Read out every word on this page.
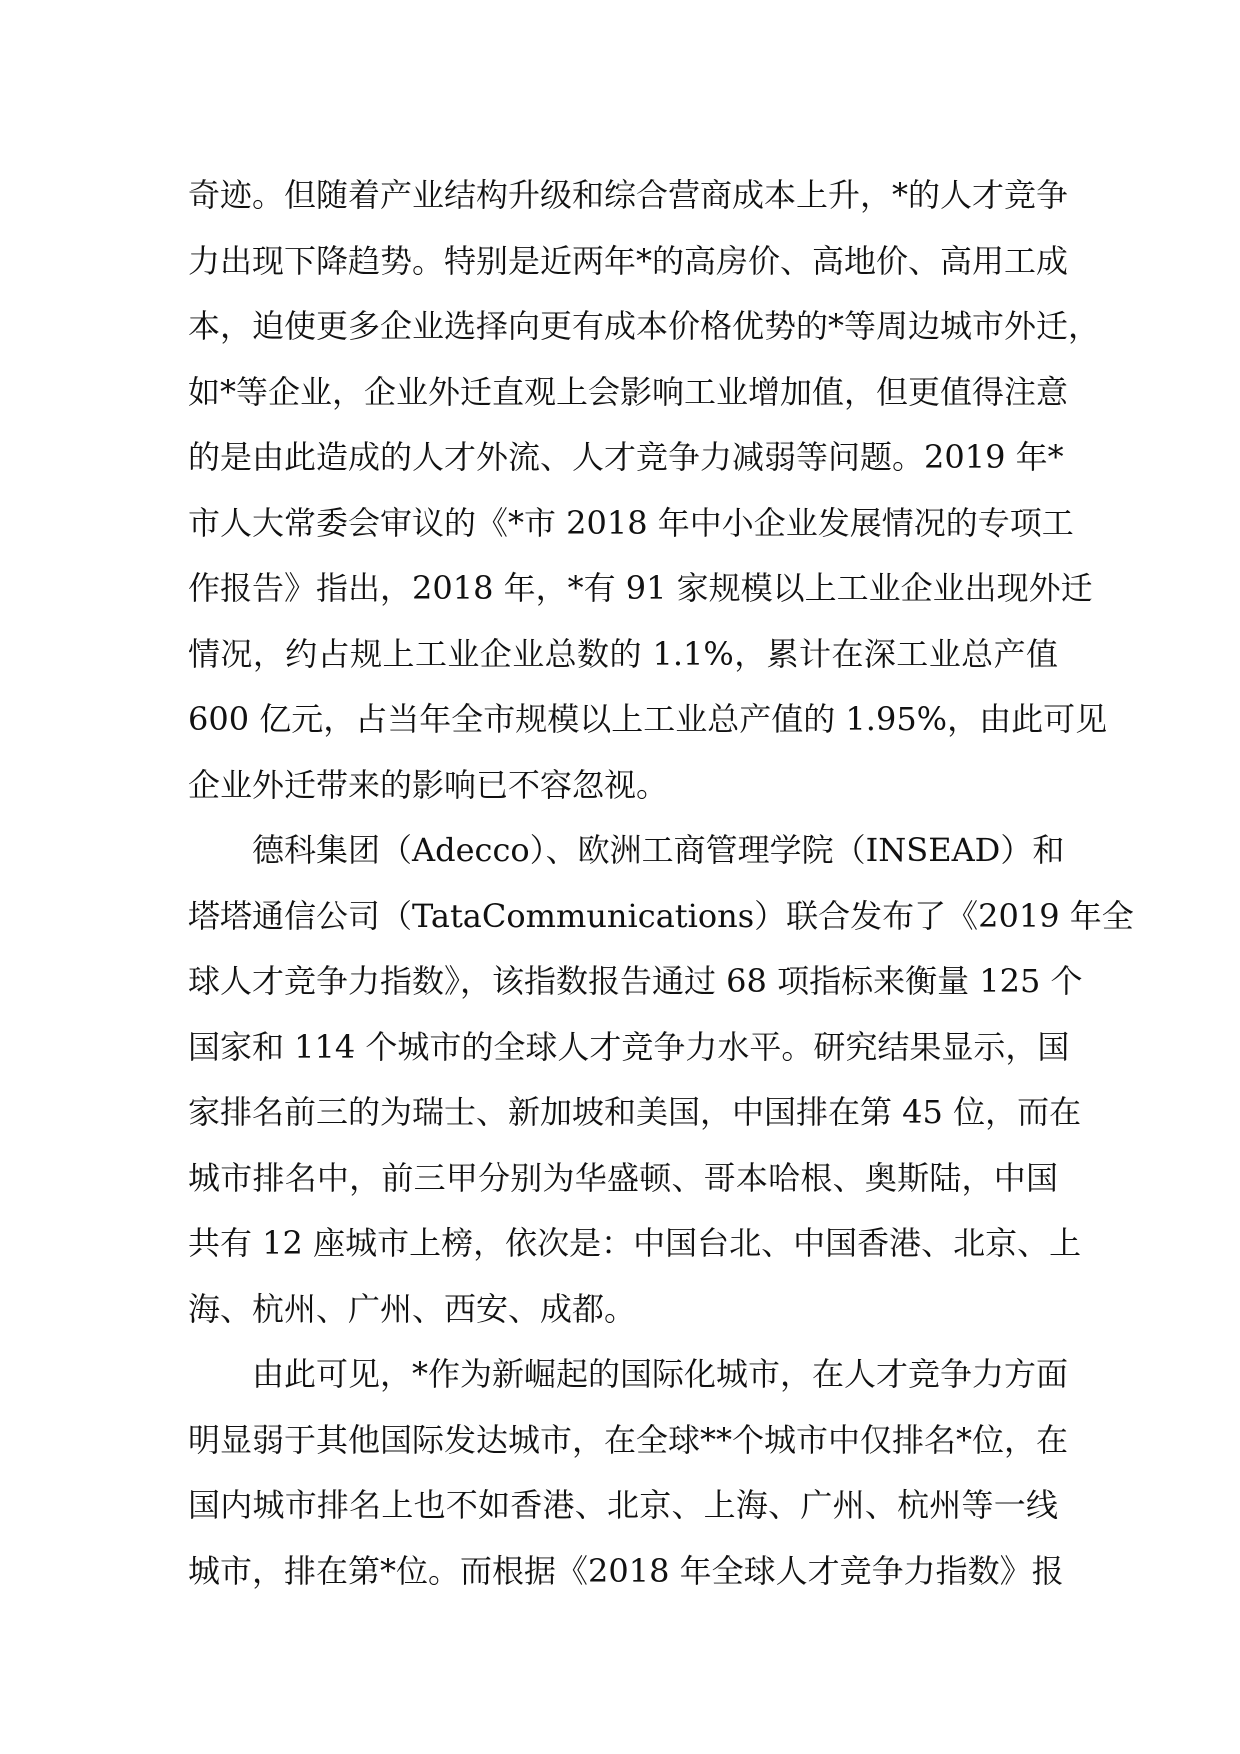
奇迹。但随着产业结构升级和综合营商成本上升，*的人才竞争
力出现下降趋势。特别是近两年*的高房价、高地价、高用工成
本，迫使更多企业选择向更有成本价格优势的*等周边城市外迁，
如*等企业，企业外迁直观上会影响工业增加值，但更值得注意
的是由此造成的人才外流、人才竞争力减弱等问题。2019 年*
市人大常委会审议的《*市 2018 年中小企业发展情况的专项工
作报告》指出，2018 年，*有 91 家规模以上工业企业出现外迁
情况，约占规上工业企业总数的 1.1%，累计在深工业总产值
600 亿元，占当年全市规模以上工业总产值的 1.95%，由此可见
企业外迁带来的影响已不容忽视。
德科集团（Adecco）、欧洲工商管理学院（INSEAD）和
塔塔通信公司（TataCommunications）联合发布了《2019 年全
球人才竞争力指数》，该指数报告通过 68 项指标来衡量 125 个
国家和 114 个城市的全球人才竞争力水平。研究结果显示，国
家排名前三的为瑞士、新加坡和美国，中国排在第 45 位，而在
城市排名中，前三甲分别为华盛顿、哥本哈根、奥斯陆，中国
共有 12 座城市上榜，依次是：中国台北、中国香港、北京、上
海、杭州、广州、西安、成都。
由此可见，*作为新崛起的国际化城市，在人才竞争力方面
明显弱于其他国际发达城市，在全球**个城市中仅排名*位，在
国内城市排名上也不如香港、北京、上海、广州、杭州等一线
城市，排在第*位。而根据《2018 年全球人才竞争力指数》报
